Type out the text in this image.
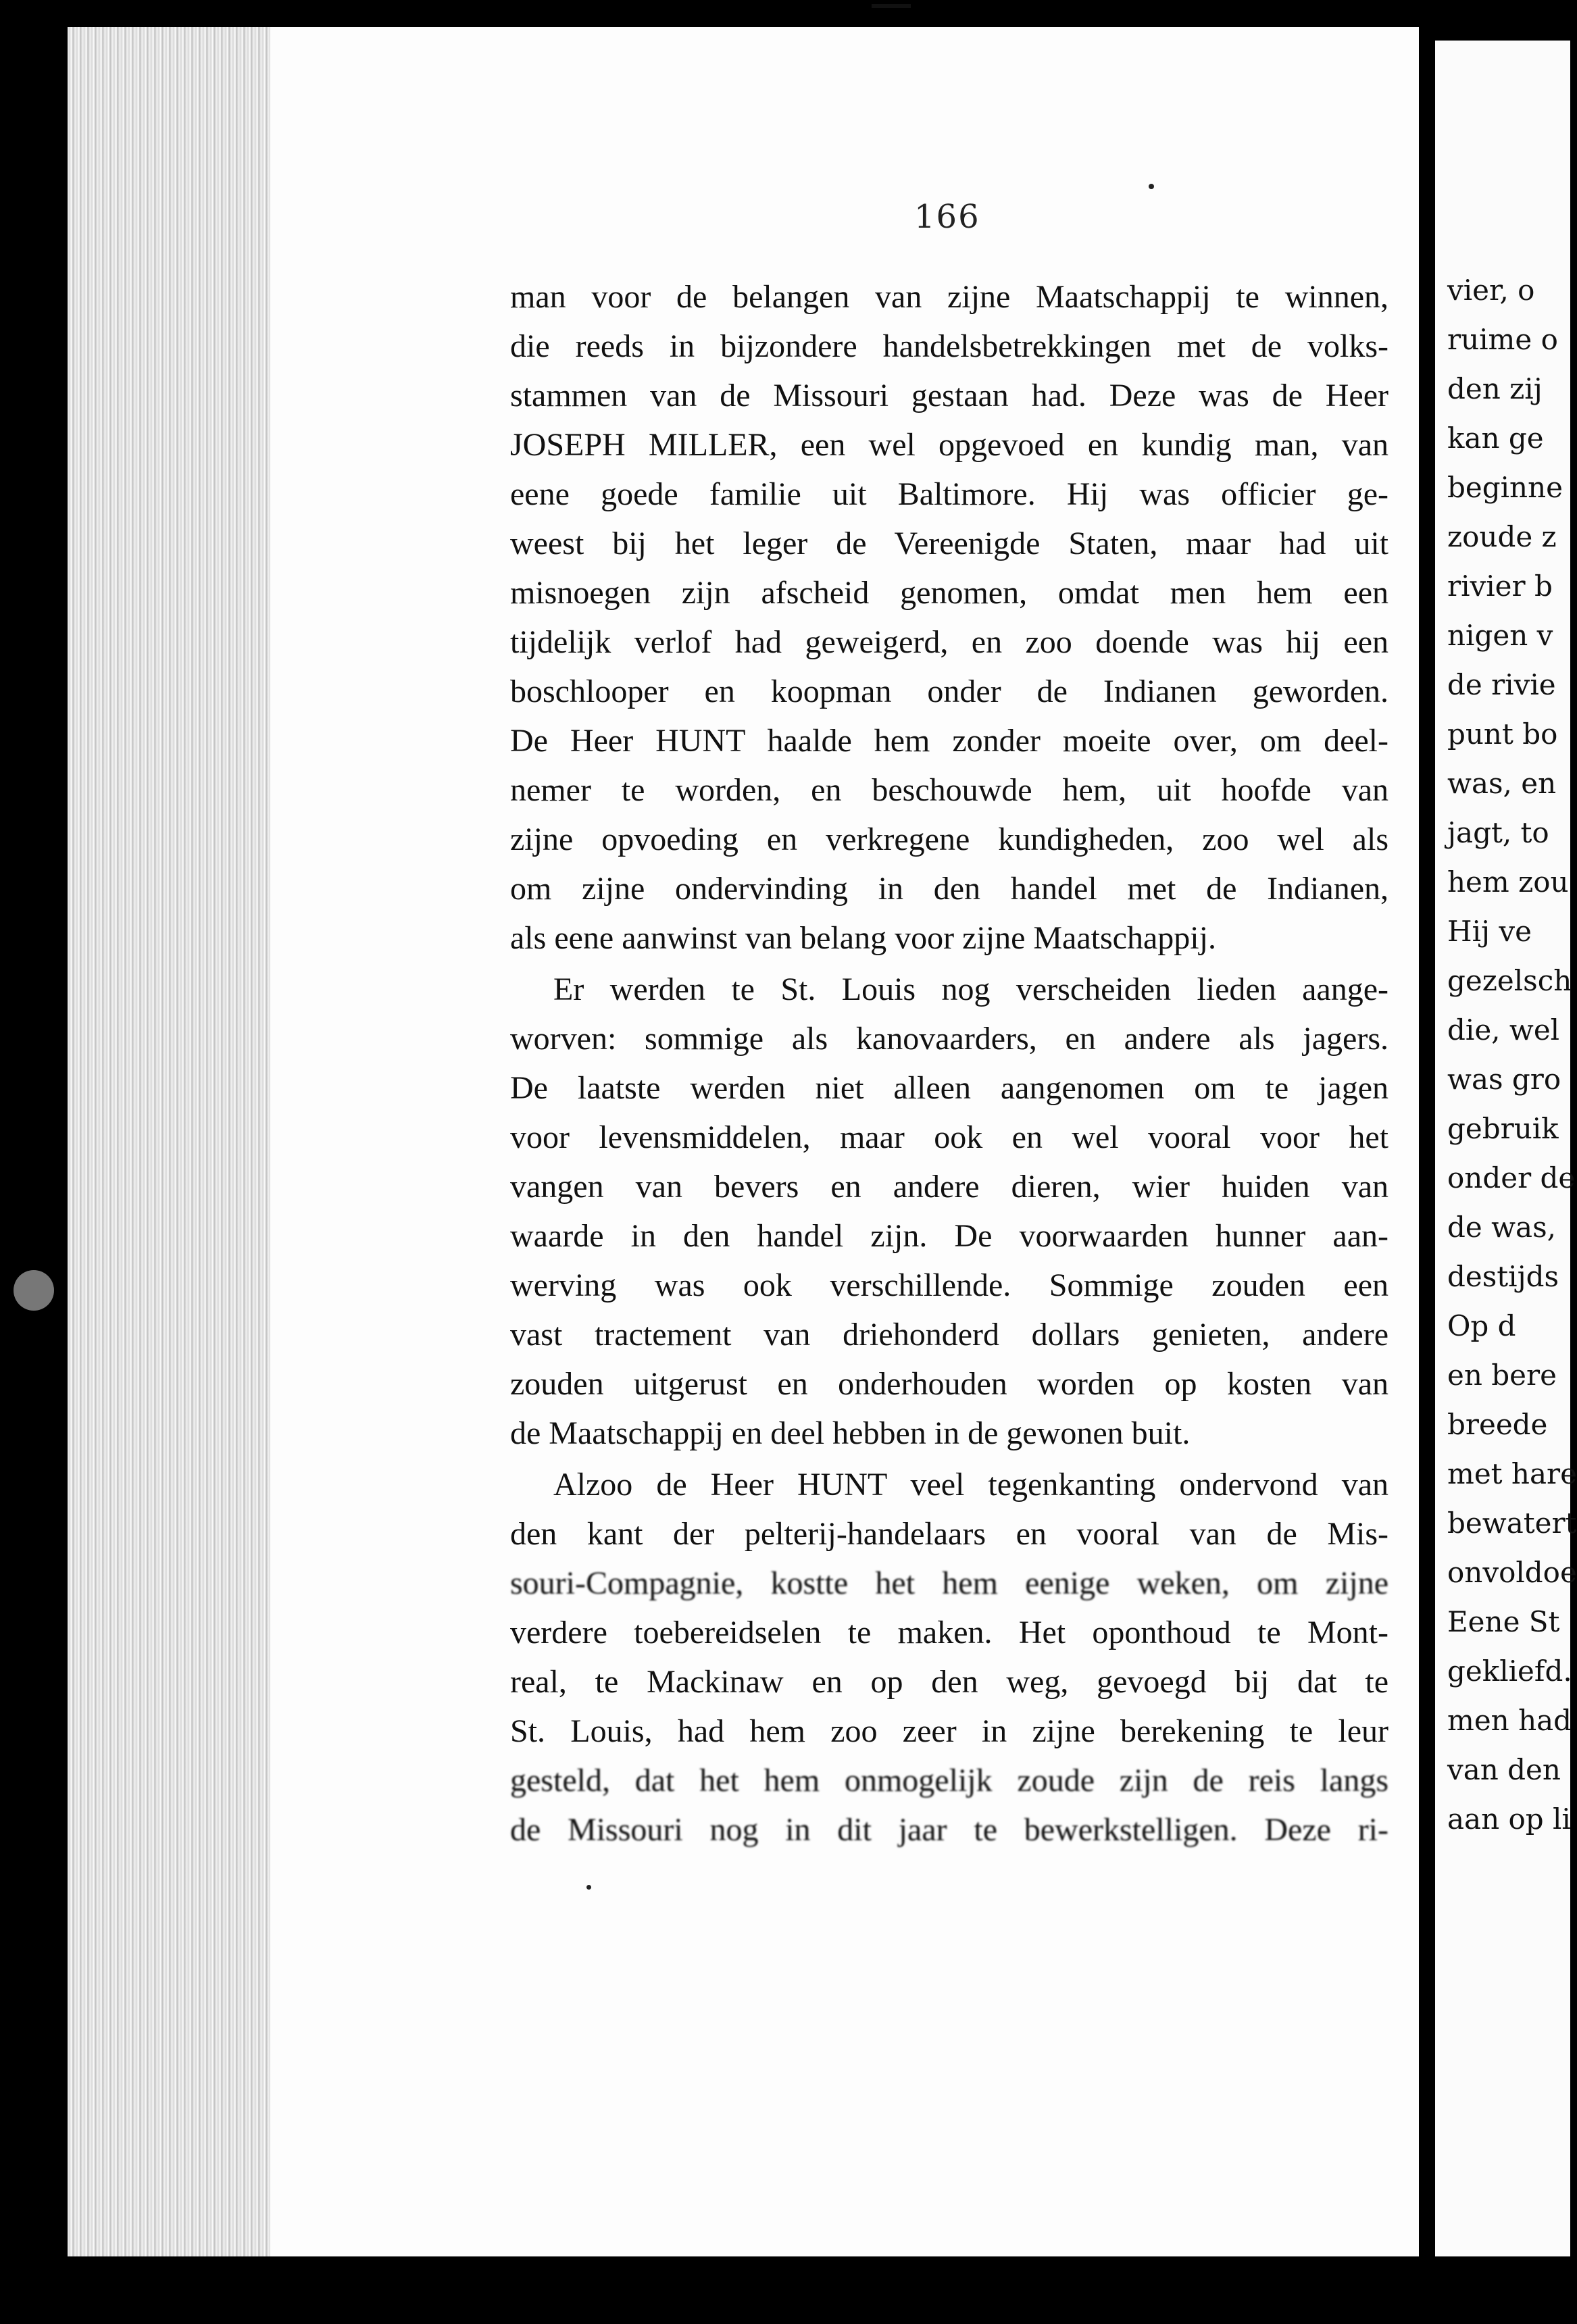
166
man voor de belangen van zijne Maatschappij te winnen,
die reeds in bijzondere handelsbetrekkingen met de volks-
stammen van de Missouri gestaan had. Deze was de Heer
JOSEPH MILLER, een wel opgevoed en kundig man, van
eene goede familie uit Baltimore. Hij was officier ge-
weest bij het leger de Vereenigde Staten, maar had uit
misnoegen zijn afscheid genomen, omdat men hem een
tijdelijk verlof had geweigerd, en zoo doende was hij een
boschlooper en koopman onder de Indianen geworden.
De Heer HUNT haalde hem zonder moeite over, om deel-
nemer te worden, en beschouwde hem, uit hoofde van
zijne opvoeding en verkregene kundigheden, zoo wel als
om zijne ondervinding in den handel met de Indianen,
als eene aanwinst van belang voor zijne Maatschappij.
Er werden te St. Louis nog verscheiden lieden aange-
worven: sommige als kanovaarders, en andere als jagers.
De laatste werden niet alleen aangenomen om te jagen
voor levensmiddelen, maar ook en wel vooral voor het
vangen van bevers en andere dieren, wier huiden van
waarde in den handel zijn. De voorwaarden hunner aan-
werving was ook verschillende. Sommige zouden een
vast tractement van driehonderd dollars genieten, andere
zouden uitgerust en onderhouden worden op kosten van
de Maatschappij en deel hebben in de gewonen buit.
Alzoo de Heer HUNT veel tegenkanting ondervond van
den kant der pelterij-handelaars en vooral van de Mis-
souri-Compagnie, kostte het hem eenige weken, om zijne
verdere toebereidselen te maken. Het oponthoud te Mont-
real, te Mackinaw en op den weg, gevoegd bij dat te
St. Louis, had hem zoo zeer in zijne berekening te leur
gesteld, dat het hem onmogelijk zoude zijn de reis langs
de Missouri nog in dit jaar te bewerkstelligen. Deze ri-
vier, o
ruime o
den zij
kan ge
beginne
zoude z
rivier b
nigen v
de rivie
punt bo
was, en
jagt, to
hem zou
Hij ve
gezelsch
die, wel
was gro
gebruik
onder de
de was,
destijds
Op d
en bere
breede
met hare
bewatert
onvoldoe
Eene St
gekliefd.
men had
van den
aan op li
